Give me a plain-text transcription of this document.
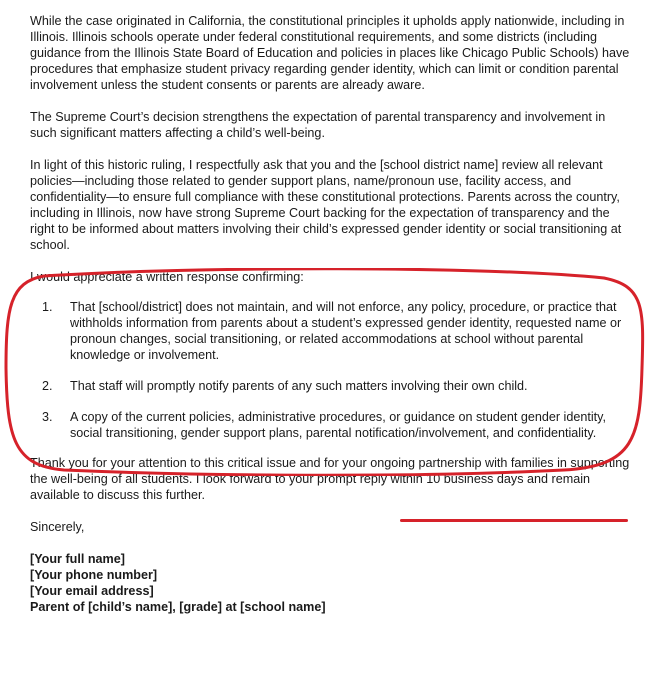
While the case originated in California, the constitutional principles it upholds apply nationwide, including in Illinois. Illinois schools operate under federal constitutional requirements, and some districts (including guidance from the Illinois State Board of Education and policies in places like Chicago Public Schools) have procedures that emphasize student privacy regarding gender identity, which can limit or condition parental involvement unless the student consents or parents are already aware.

The Supreme Court’s decision strengthens the expectation of parental transparency and involvement in such significant matters affecting a child’s well-being.

In light of this historic ruling, I respectfully ask that you and the [school district name] review all relevant policies—including those related to gender support plans, name/pronoun use, facility access, and confidentiality—to ensure full compliance with these constitutional protections. Parents across the country, including in Illinois, now have strong Supreme Court backing for the expectation of transparency and the right to be informed about matters involving their child’s expressed gender identity or social transitioning at school.

I would appreciate a written response confirming:

1.	That [school/district] does not maintain, and will not enforce, any policy, procedure, or practice that withholds information from parents about a student’s expressed gender identity, requested name or pronoun changes, social transitioning, or related accommodations at school without parental knowledge or involvement.
2.	That staff will promptly notify parents of any such matters involving their own child.
3.	A copy of the current policies, administrative procedures, or guidance on student gender identity, social transitioning, gender support plans, parental notification/involvement, and confidentiality.

Thank you for your attention to this critical issue and for your ongoing partnership with families in supporting the well-being of all students. I look forward to your prompt reply within 10 business days and remain available to discuss this further.

Sincerely,

[Your full name]
[Your phone number]
[Your email address]
Parent of [child’s name], [grade] at [school name]
